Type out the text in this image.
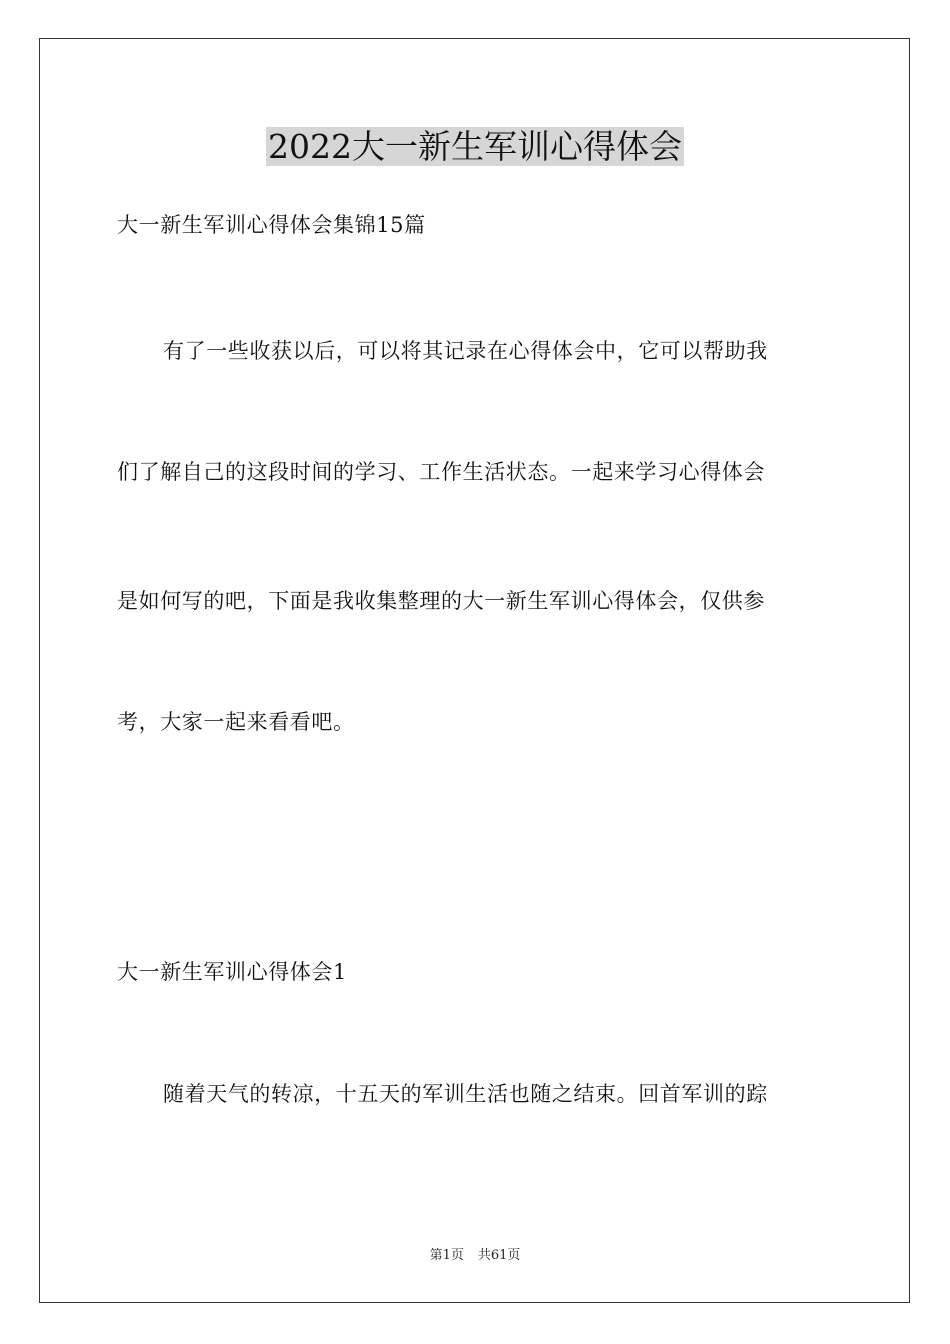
2022大一新生军训心得体会
大一新生军训心得体会集锦15篇
有了一些收获以后，可以将其记录在心得体会中，它可以帮助我
们了解自己的这段时间的学习、工作生活状态。一起来学习心得体会
是如何写的吧，下面是我收集整理的大一新生军训心得体会，仅供参
考，大家一起来看看吧。
大一新生军训心得体会1
随着天气的转凉，十五天的军训生活也随之结束。回首军训的踪
第1页 共61页
